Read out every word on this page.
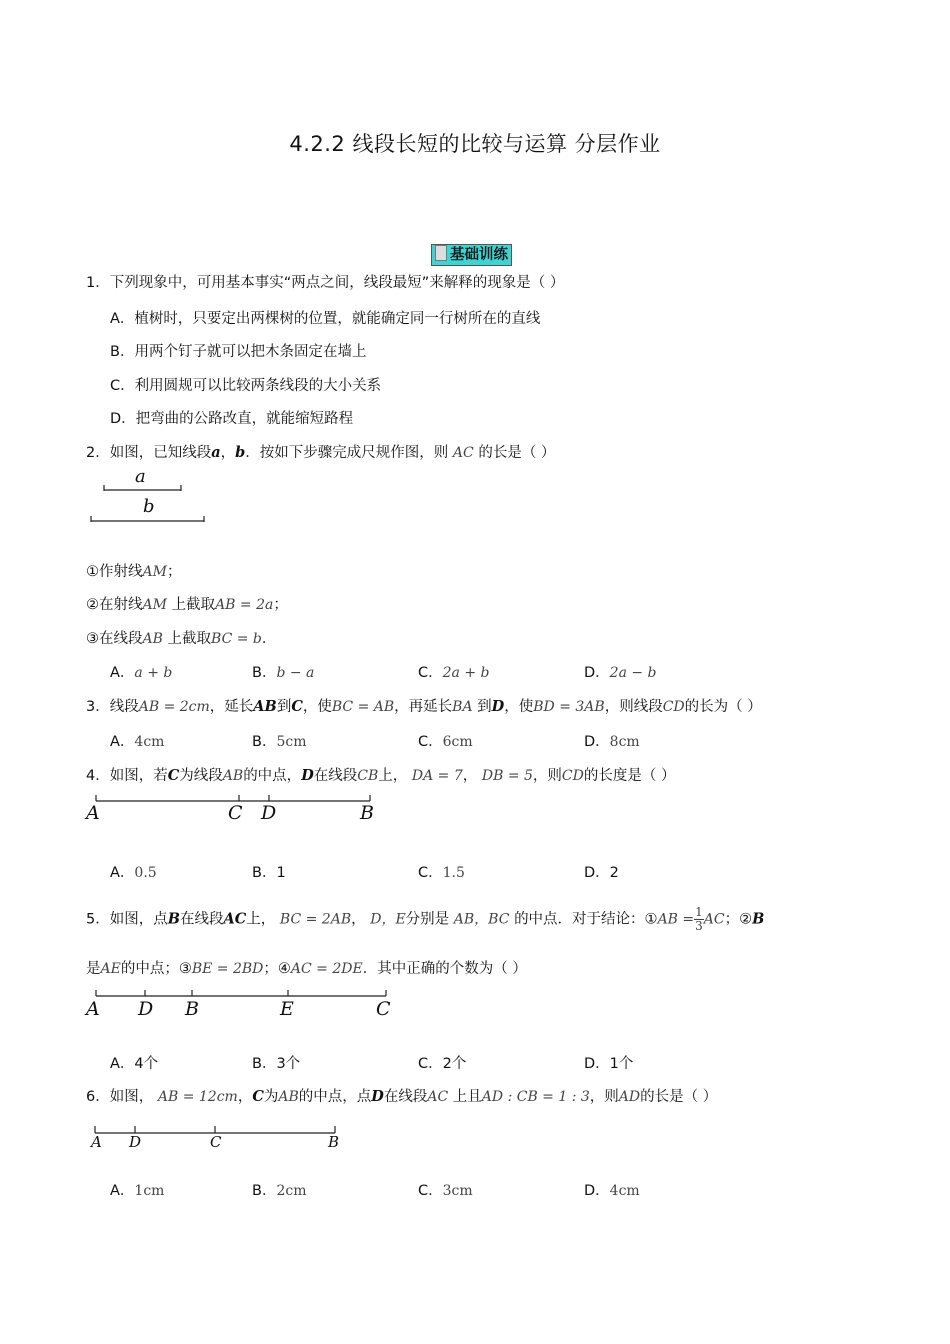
4.2.2 线段长短的比较与运算 分层作业
基础训练
1．下列现象中，可用基本事实“两点之间，线段最短”来解释的现象是（ ）
A．植树时，只要定出两棵树的位置，就能确定同一行树所在的直线
B．用两个钉子就可以把木条固定在墙上
C．利用圆规可以比较两条线段的大小关系
D．把弯曲的公路改直，就能缩短路程
2．如图，已知线段a，b．按如下步骤完成尺规作图，则 AC 的长是（ ）
a
b
①作射线AM；
②在射线AM 上截取AB = 2a；
③在线段AB 上截取BC = b．
A．a + b	B．b − a	C．2a + b	D．2a − b
3．线段AB = 2cm，延长AB到C，使BC = AB，再延长BA 到D，使BD = 3AB，则线段CD的长为（ ）
A．4cm	B．5cm	C．6cm	D．8cm
4．如图，若C为线段AB的中点，D在线段CB上， DA = 7， DB = 5，则CD的长度是（ ）
A	C D	B
A．0.5	B．1	C．1.5	D．2
5．如图，点B在线段AC上， BC = 2AB， D，E分别是 AB，BC 的中点．对于结论：①AB = $\frac{1}{3}$ AC；②B
是AE的中点；③BE = 2BD；④AC = 2DE．其中正确的个数为（ ）
A D B	E	C
A．4个	B．3个	C．2个	D．1个
6．如图， AB = 12cm，C为AB的中点，点D在线段AC 上且AD : CB = 1 : 3，则AD的长是（ ）
A D	C	B
A．1cm	B．2cm	C．3cm	D．4cm
